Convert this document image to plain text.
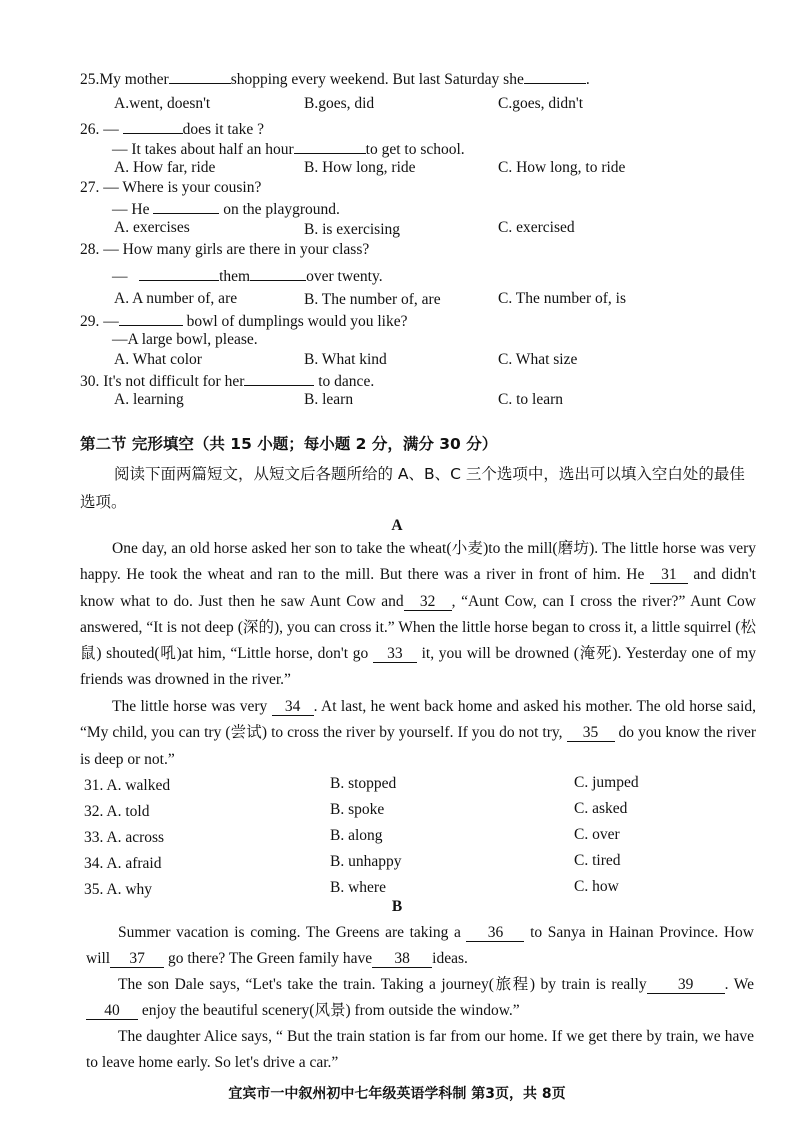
25.My mother	shopping every weekend. But last Saturday she	.
A.went, doesn't	B.goes, did	C.goes, didn't
26. —	does it take ?
— It takes about half an hour	to get to school.
A. How far, ride	B. How long, ride	C. How long, to ride
27. — Where is your cousin?
— He	on the playground.
A. exercises	B. is exercising	C. exercised
28. — How many girls are there in your class?
—	them	over twenty.
A. A number of, are	B. The number of, are	C. The number of, is
29. —	bowl of dumplings would you like?
—A large bowl, please.
A. What color	B. What kind	C. What size
30. It's not difficult for her	to dance.
A. learning	B. learn	C. to learn
第二节 完形填空（共 15 小题；每小题 2 分，满分 30 分）
阅读下面两篇短文，从短文后各题所给的 A、B、C 三个选项中，选出可以填入空白处的最佳
选项。
A
One day, an old horse asked her son to take the wheat(小麦)to the mill(磨坊). The little horse was very happy. He took the wheat and ran to the mill. But there was a river in front of him. He 31 and didn't know what to do. Just then he saw Aunt Cow and 32 , “Aunt Cow, can I cross the river?” Aunt Cow answered, “It is not deep (深的), you can cross it.” When the little horse began to cross it, a little squirrel (松鼠) shouted(吼)at him, “Little horse, don't go 33 it, you will be drowned (淹死). Yesterday one of my friends was drowned in the river.”
The little horse was very 34 . At last, he went back home and asked his mother. The old horse said, “My child, you can try (尝试) to cross the river by yourself. If you do not try, 35 do you know the river is deep or not.”
31. A. walked	B. stopped	C. jumped
32. A. told	B. spoke	C. asked
33. A. across	B. along	C. over
34. A. afraid	B. unhappy	C. tired
35. A. why	B. where	C. how
B
Summer vacation is coming. The Greens are taking a 36 to Sanya in Hainan Province. How will 37 go there? The Green family have 38 ideas.
The son Dale says, “Let's take the train. Taking a journey(旅程) by train is really 39 . We 40 enjoy the beautiful scenery(风景) from outside the window.”
The daughter Alice says, “ But the train station is far from our home. If we get there by train, we have to leave home early. So let's drive a car.”
宜宾市一中叙州初中七年级英语学科制 第3页，共 8页
